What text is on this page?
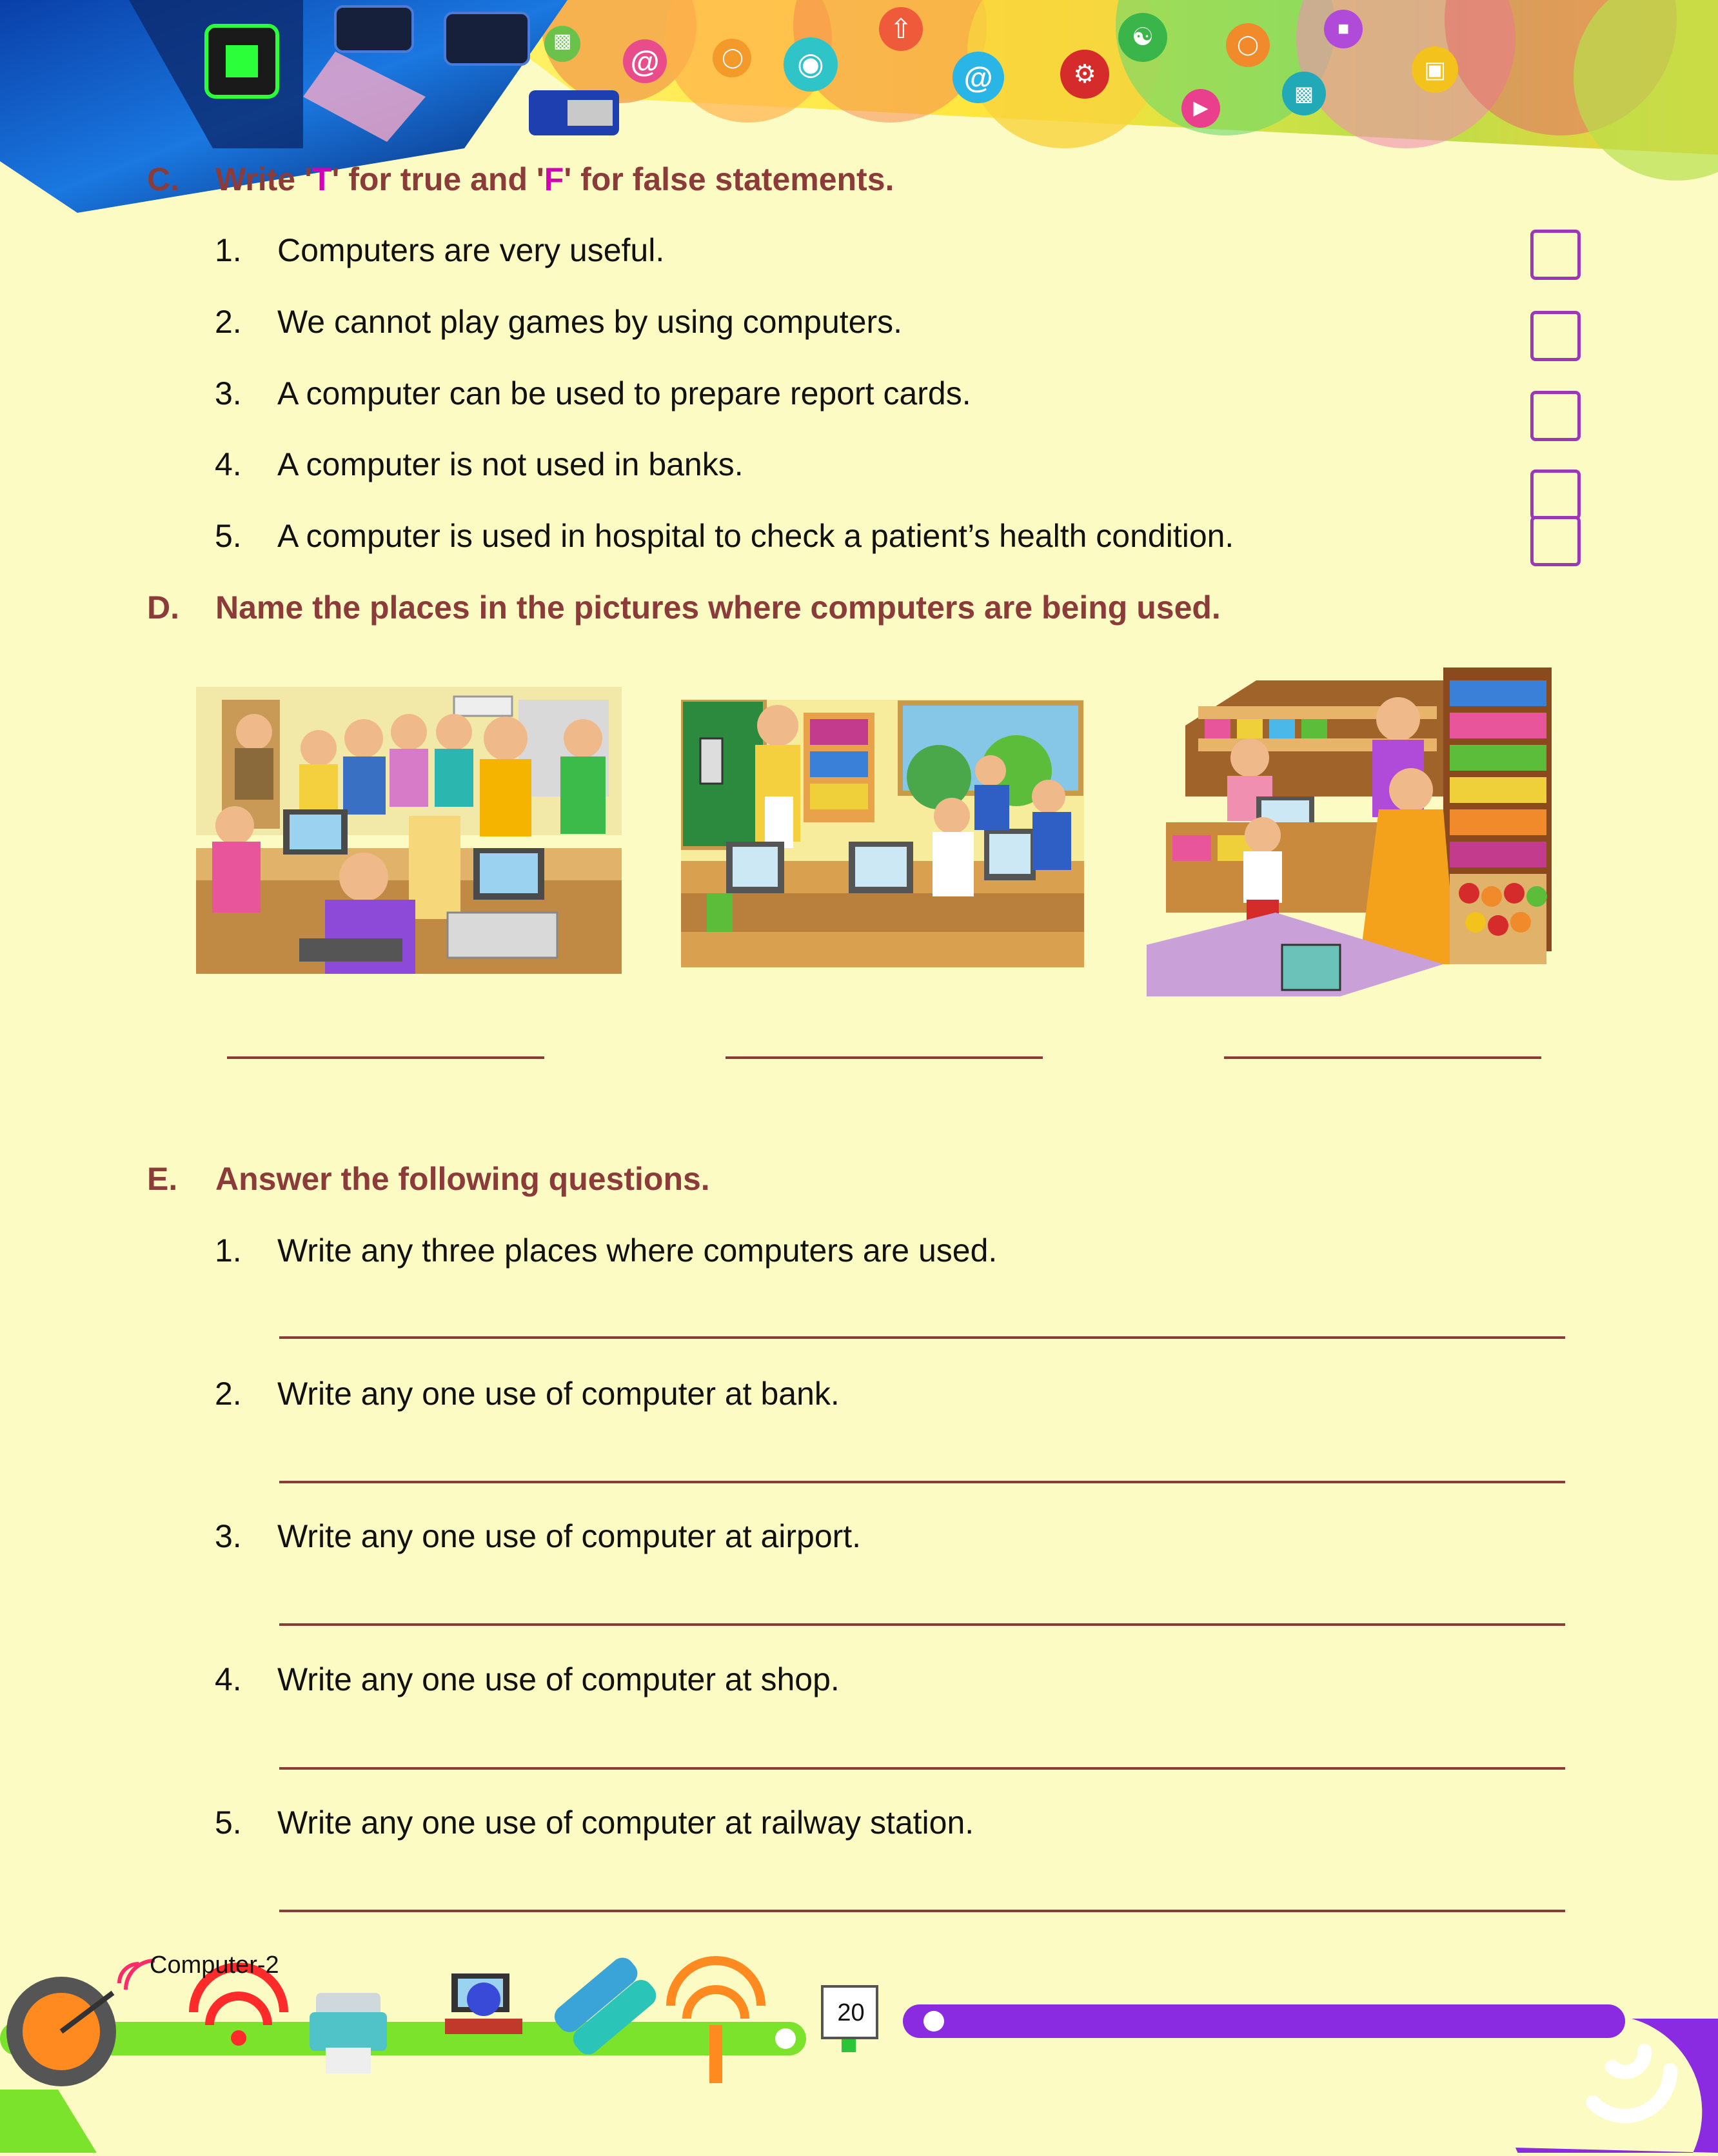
▩
@	◯ ◉
⇧
@	⚙
☯
▶
◯
▩
■
▣
C. Write 'T' for true and 'F' for false statements.
1. Computers are very useful.
2. We cannot play games by using computers.
3. A computer can be used to prepare report cards.
4. A computer is not used in banks.
5. A computer is used in hospital to check a patient’s health condition.
D. Name the places in the pictures where computers are being used.
E. Answer the following questions.
1. Write any three places where computers are used.
2. Write any one use of computer at bank.
3. Write any one use of computer at airport.
4. Write any one use of computer at shop.
5. Write any one use of computer at railway station.
Computer-2
20
